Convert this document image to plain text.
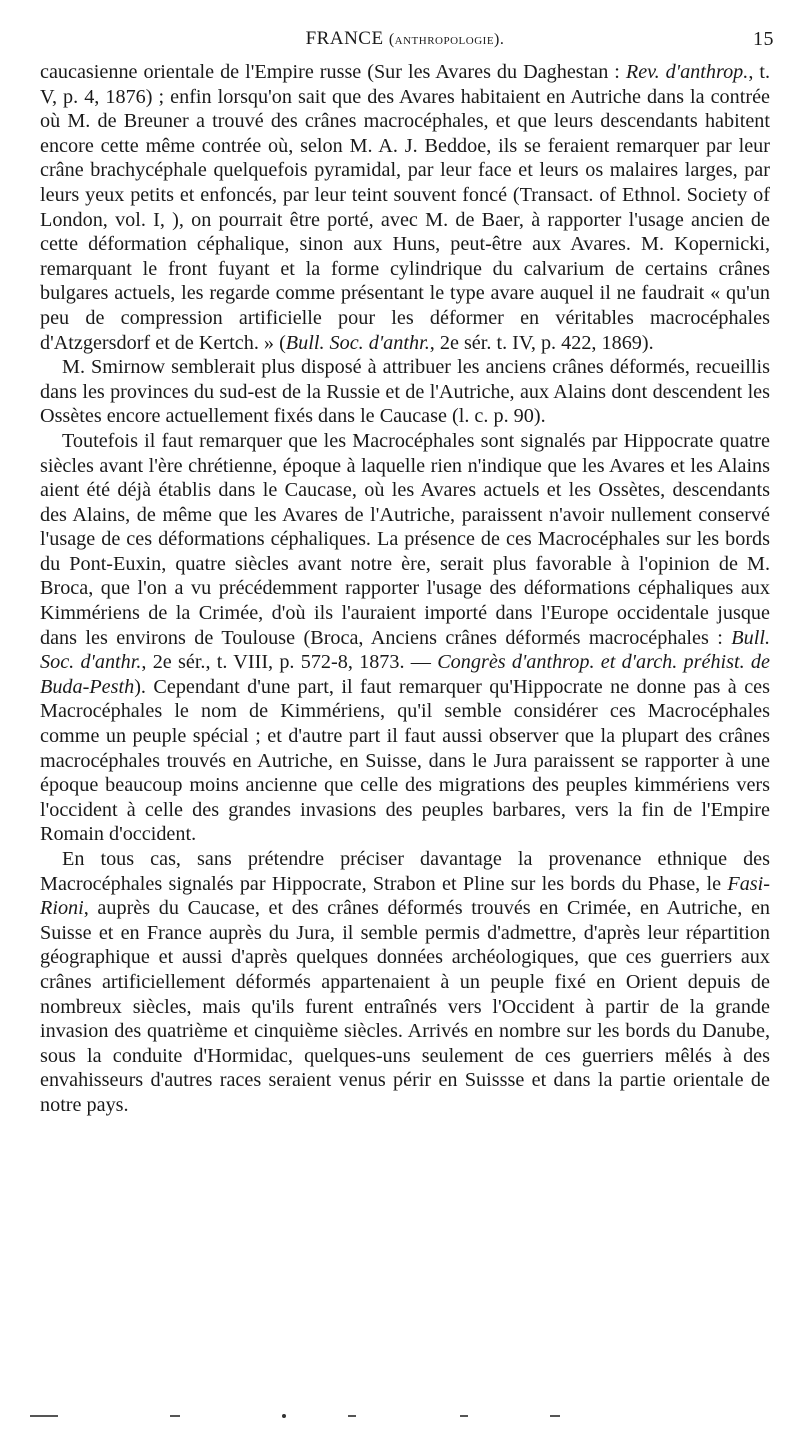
FRANCE (anthropologie).	15

caucasienne orientale de l'Empire russe (Sur les Avares du Daghestan : Rev. d'anthrop., t. V, p. 4, 1876) ; enfin lorsqu'on sait que des Avares habitaient en Autriche dans la contrée où M. de Breuner a trouvé des crânes macrocéphales, et que leurs descendants habitent encore cette même contrée où, selon M. A. J. Beddoe, ils se feraient remarquer par leur crâne brachycéphale quelquefois pyramidal, par leur face et leurs os malaires larges, par leurs yeux petits et enfoncés, par leur teint souvent foncé (Transact. of Ethnol. Society of London, vol. I, ), on pourrait être porté, avec M. de Baer, à rapporter l'usage ancien de cette déformation céphalique, sinon aux Huns, peut-être aux Avares. M. Kopernicki, remarquant le front fuyant et la forme cylindrique du calvarium de certains crânes bulgares actuels, les regarde comme présentant le type avare auquel il ne faudrait « qu'un peu de compression artificielle pour les déformer en véritables macrocéphales d'Atzgersdorf et de Kertch. » (Bull. Soc. d'anthr., 2e sér. t. IV, p. 422, 1869).

M. Smirnow semblerait plus disposé à attribuer les anciens crânes déformés, recueillis dans les provinces du sud-est de la Russie et de l'Autriche, aux Alains dont descendent les Ossètes encore actuellement fixés dans le Caucase (l. c. p. 90).

Toutefois il faut remarquer que les Macrocéphales sont signalés par Hippocrate quatre siècles avant l'ère chrétienne, époque à laquelle rien n'indique que les Avares et les Alains aient été déjà établis dans le Caucase, où les Avares actuels et les Ossètes, descendants des Alains, de même que les Avares de l'Autriche, paraissent n'avoir nullement conservé l'usage de ces déformations céphaliques. La présence de ces Macrocéphales sur les bords du Pont-Euxin, quatre siècles avant notre ère, serait plus favorable à l'opinion de M. Broca, que l'on a vu précédemment rapporter l'usage des déformations céphaliques aux Kimmériens de la Crimée, d'où ils l'auraient importé dans l'Europe occidentale jusque dans les environs de Toulouse (Broca, Anciens crânes déformés macrocéphales : Bull. Soc. d'anthr., 2e sér., t. VIII, p. 572-8, 1873. — Congrès d'anthrop. et d'arch. préhist. de Buda-Pesth). Cependant d'une part, il faut remarquer qu'Hippocrate ne donne pas à ces Macrocéphales le nom de Kimmériens, qu'il semble considérer ces Macrocéphales comme un peuple spécial ; et d'autre part il faut aussi observer que la plupart des crânes macrocéphales trouvés en Autriche, en Suisse, dans le Jura paraissent se rapporter à une époque beaucoup moins ancienne que celle des migrations des peuples kimmériens vers l'occident à celle des grandes invasions des peuples barbares, vers la fin de l'Empire Romain d'occident.

En tous cas, sans prétendre préciser davantage la provenance ethnique des Macrocéphales signalés par Hippocrate, Strabon et Pline sur les bords du Phase, le Fasi-Rioni, auprès du Caucase, et des crânes déformés trouvés en Crimée, en Autriche, en Suisse et en France auprès du Jura, il semble permis d'admettre, d'après leur répartition géographique et aussi d'après quelques données archéologiques, que ces guerriers aux crânes artificiellement déformés appartenaient à un peuple fixé en Orient depuis de nombreux siècles, mais qu'ils furent entraînés vers l'Occident à partir de la grande invasion des quatrième et cinquième siècles. Arrivés en nombre sur les bords du Danube, sous la conduite d'Hormidac, quelques-uns seulement de ces guerriers mêlés à des envahisseurs d'autres races seraient venus périr en Suissse et dans la partie orientale de notre pays.
